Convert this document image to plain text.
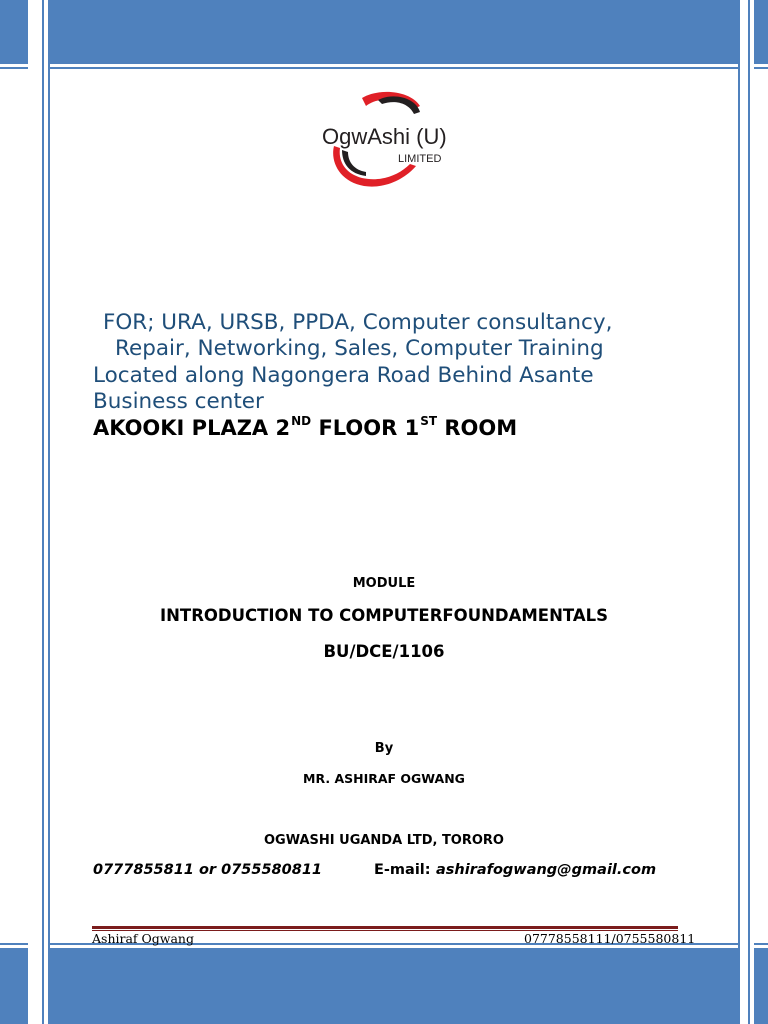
OgwAshi (U)
LIMITED
FOR; URA, URSB, PPDA, Computer consultancy,
Repair, Networking, Sales, Computer Training
Located along Nagongera Road Behind Asante
Business center
AKOOKI PLAZA 2ND FLOOR 1ST ROOM
MODULE
INTRODUCTION TO COMPUTERFOUNDAMENTALS
BU/DCE/1106
By
MR. ASHIRAF OGWANG
OGWASHI UGANDA LTD, TORORO
0777855811 or 0755580811	E-mail: ashirafogwang@gmail.com
Ashiraf Ogwang	07778558111/0755580811
